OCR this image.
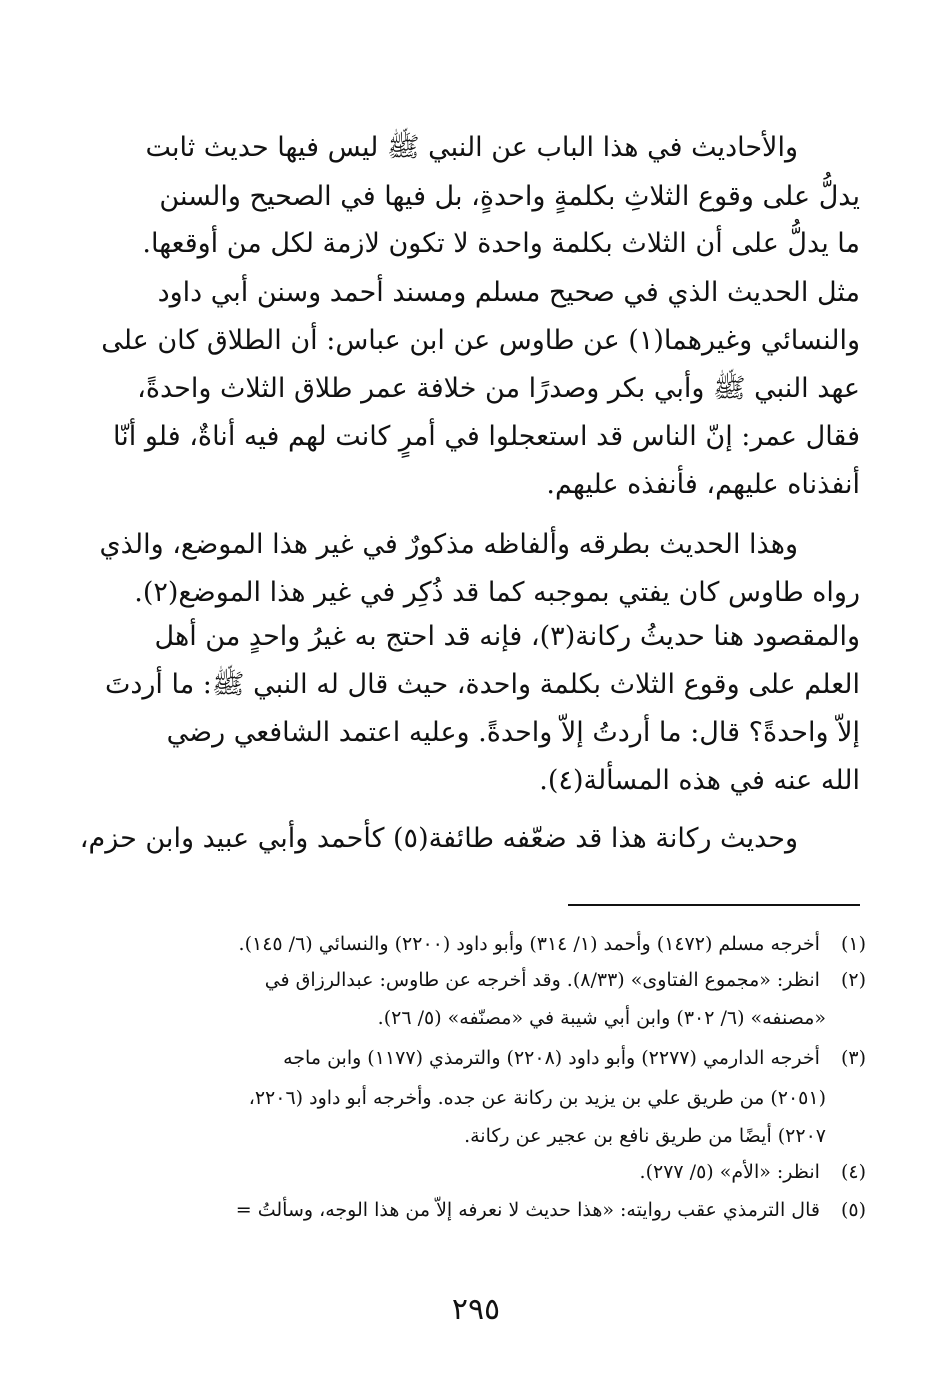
والأحاديث في هذا الباب عن النبي ﷺ ليس فيها حديث ثابت
يدلُّ على وقوع الثلاثِ بكلمةٍ واحدةٍ، بل فيها في الصحيح والسنن
ما يدلُّ على أن الثلاث بكلمة واحدة لا تكون لازمة لكل من أوقعها.
مثل الحديث الذي في صحيح مسلم ومسند أحمد وسنن أبي داود
والنسائي وغيرهما(١) عن طاوس عن ابن عباس: أن الطلاق كان على
عهد النبي ﷺ وأبي بكر وصدرًا من خلافة عمر طلاق الثلاث واحدةً،
فقال عمر: إنّ الناس قد استعجلوا في أمرٍ كانت لهم فيه أناةٌ، فلو أنّا
أنفذناه عليهم، فأنفذه عليهم.
وهذا الحديث بطرقه وألفاظه مذكورٌ في غير هذا الموضع، والذي
رواه طاوس كان يفتي بموجبه كما قد ذُكِر في غير هذا الموضع(٢).
والمقصود هنا حديثُ ركانة(٣)، فإنه قد احتج به غيرُ واحدٍ من أهل
العلم على وقوع الثلاث بكلمة واحدة، حيث قال له النبي ﷺ: ما أردتَ
إلاّ واحدةً؟ قال: ما أردتُ إلاّ واحدةً. وعليه اعتمد الشافعي رضي
الله عنه في هذه المسألة(٤).
وحديث ركانة هذا قد ضعّفه طائفة(٥) كأحمد وأبي عبيد وابن حزم،
(١) أخرجه مسلم (١٤٧٢) وأحمد (١/ ٣١٤) وأبو داود (٢٢٠٠) والنسائي (٦/ ١٤٥).
(٢) انظر: «مجموع الفتاوى» (٨/٣٣). وقد أخرجه عن طاوس: عبدالرزاق في
«مصنفه» (٦/ ٣٠٢) وابن أبي شيبة في «مصنّفه» (٥/ ٢٦).
(٣) أخرجه الدارمي (٢٢٧٧) وأبو داود (٢٢٠٨) والترمذي (١١٧٧) وابن ماجه
(٢٠٥١) من طريق علي بن يزيد بن ركانة عن جده. وأخرجه أبو داود (٢٢٠٦،
٢٢٠٧) أيضًا من طريق نافع بن عجير عن ركانة.
(٤) انظر: «الأم» (٥/ ٢٧٧).
(٥) قال الترمذي عقب روايته: «هذا حديث لا نعرفه إلاّ من هذا الوجه، وسألتُ =
٢٩٥
